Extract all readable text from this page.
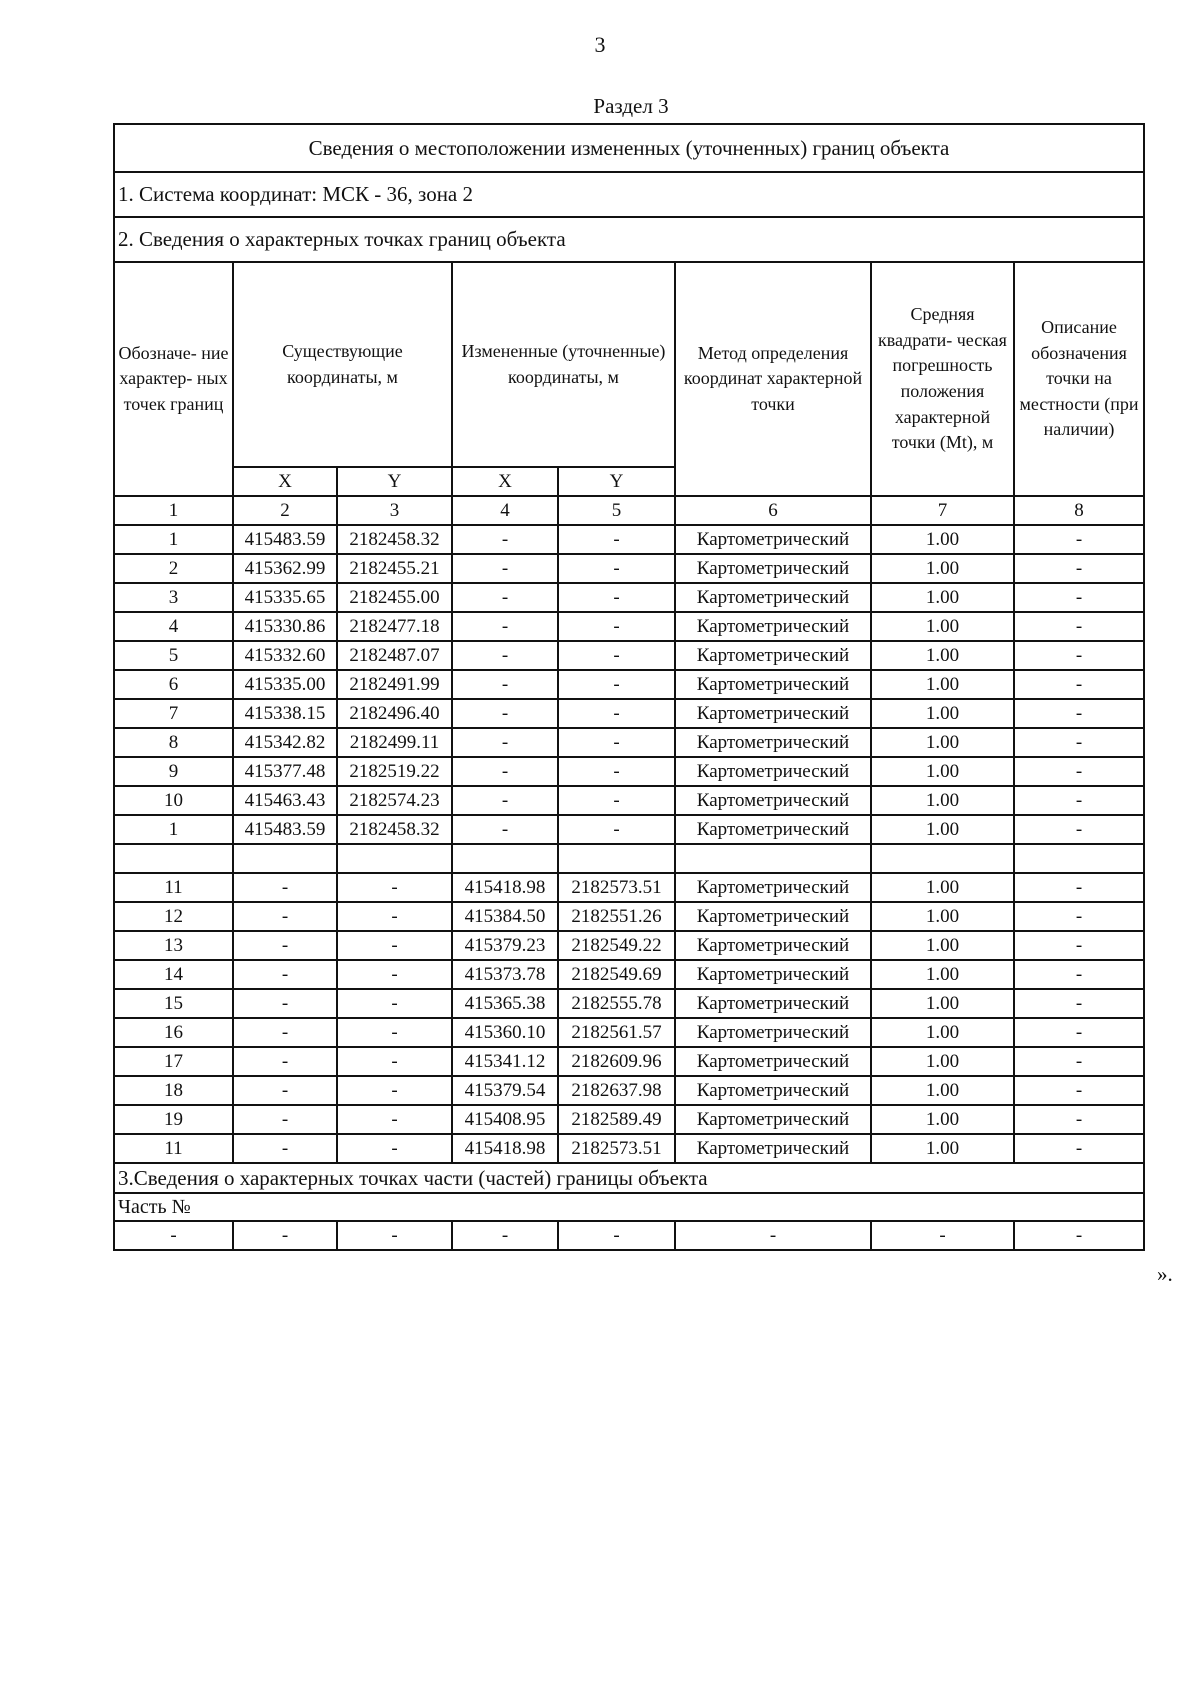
3
Раздел 3
Сведения о местоположении измененных (уточненных) границ объекта							
1. Система координат: МСК - 36, зона 2							
2. Сведения о характерных точках границ объекта							
Обозначе- ние характер- ных точек границ	Существующие координаты, м		Измененные (уточненные) координаты, м		Метод определения координат характерной точки	Средняя квадрати- ческая погрешность положения характерной точки (Mt), м	Описание обозначения точки на местности (при наличии)
	X	Y	X	Y			
1	2	3	4	5	6	7	8
1	415483.59	2182458.32	-	-	Картометрический	1.00	-
2	415362.99	2182455.21	-	-	Картометрический	1.00	-
3	415335.65	2182455.00	-	-	Картометрический	1.00	-
4	415330.86	2182477.18	-	-	Картометрический	1.00	-
5	415332.60	2182487.07	-	-	Картометрический	1.00	-
6	415335.00	2182491.99	-	-	Картометрический	1.00	-
7	415338.15	2182496.40	-	-	Картометрический	1.00	-
8	415342.82	2182499.11	-	-	Картометрический	1.00	-
9	415377.48	2182519.22	-	-	Картометрический	1.00	-
10	415463.43	2182574.23	-	-	Картометрический	1.00	-
1	415483.59	2182458.32	-	-	Картометрический	1.00	-

11	-	-	415418.98	2182573.51	Картометрический	1.00	-
12	-	-	415384.50	2182551.26	Картометрический	1.00	-
13	-	-	415379.23	2182549.22	Картометрический	1.00	-
14	-	-	415373.78	2182549.69	Картометрический	1.00	-
15	-	-	415365.38	2182555.78	Картометрический	1.00	-
16	-	-	415360.10	2182561.57	Картометрический	1.00	-
17	-	-	415341.12	2182609.96	Картометрический	1.00	-
18	-	-	415379.54	2182637.98	Картометрический	1.00	-
19	-	-	415408.95	2182589.49	Картометрический	1.00	-
11	-	-	415418.98	2182573.51	Картометрический	1.00	-
3.Сведения о характерных точках части (частей) границы объекта							
Часть №							
-	-	-	-	-	-	-	-
».
